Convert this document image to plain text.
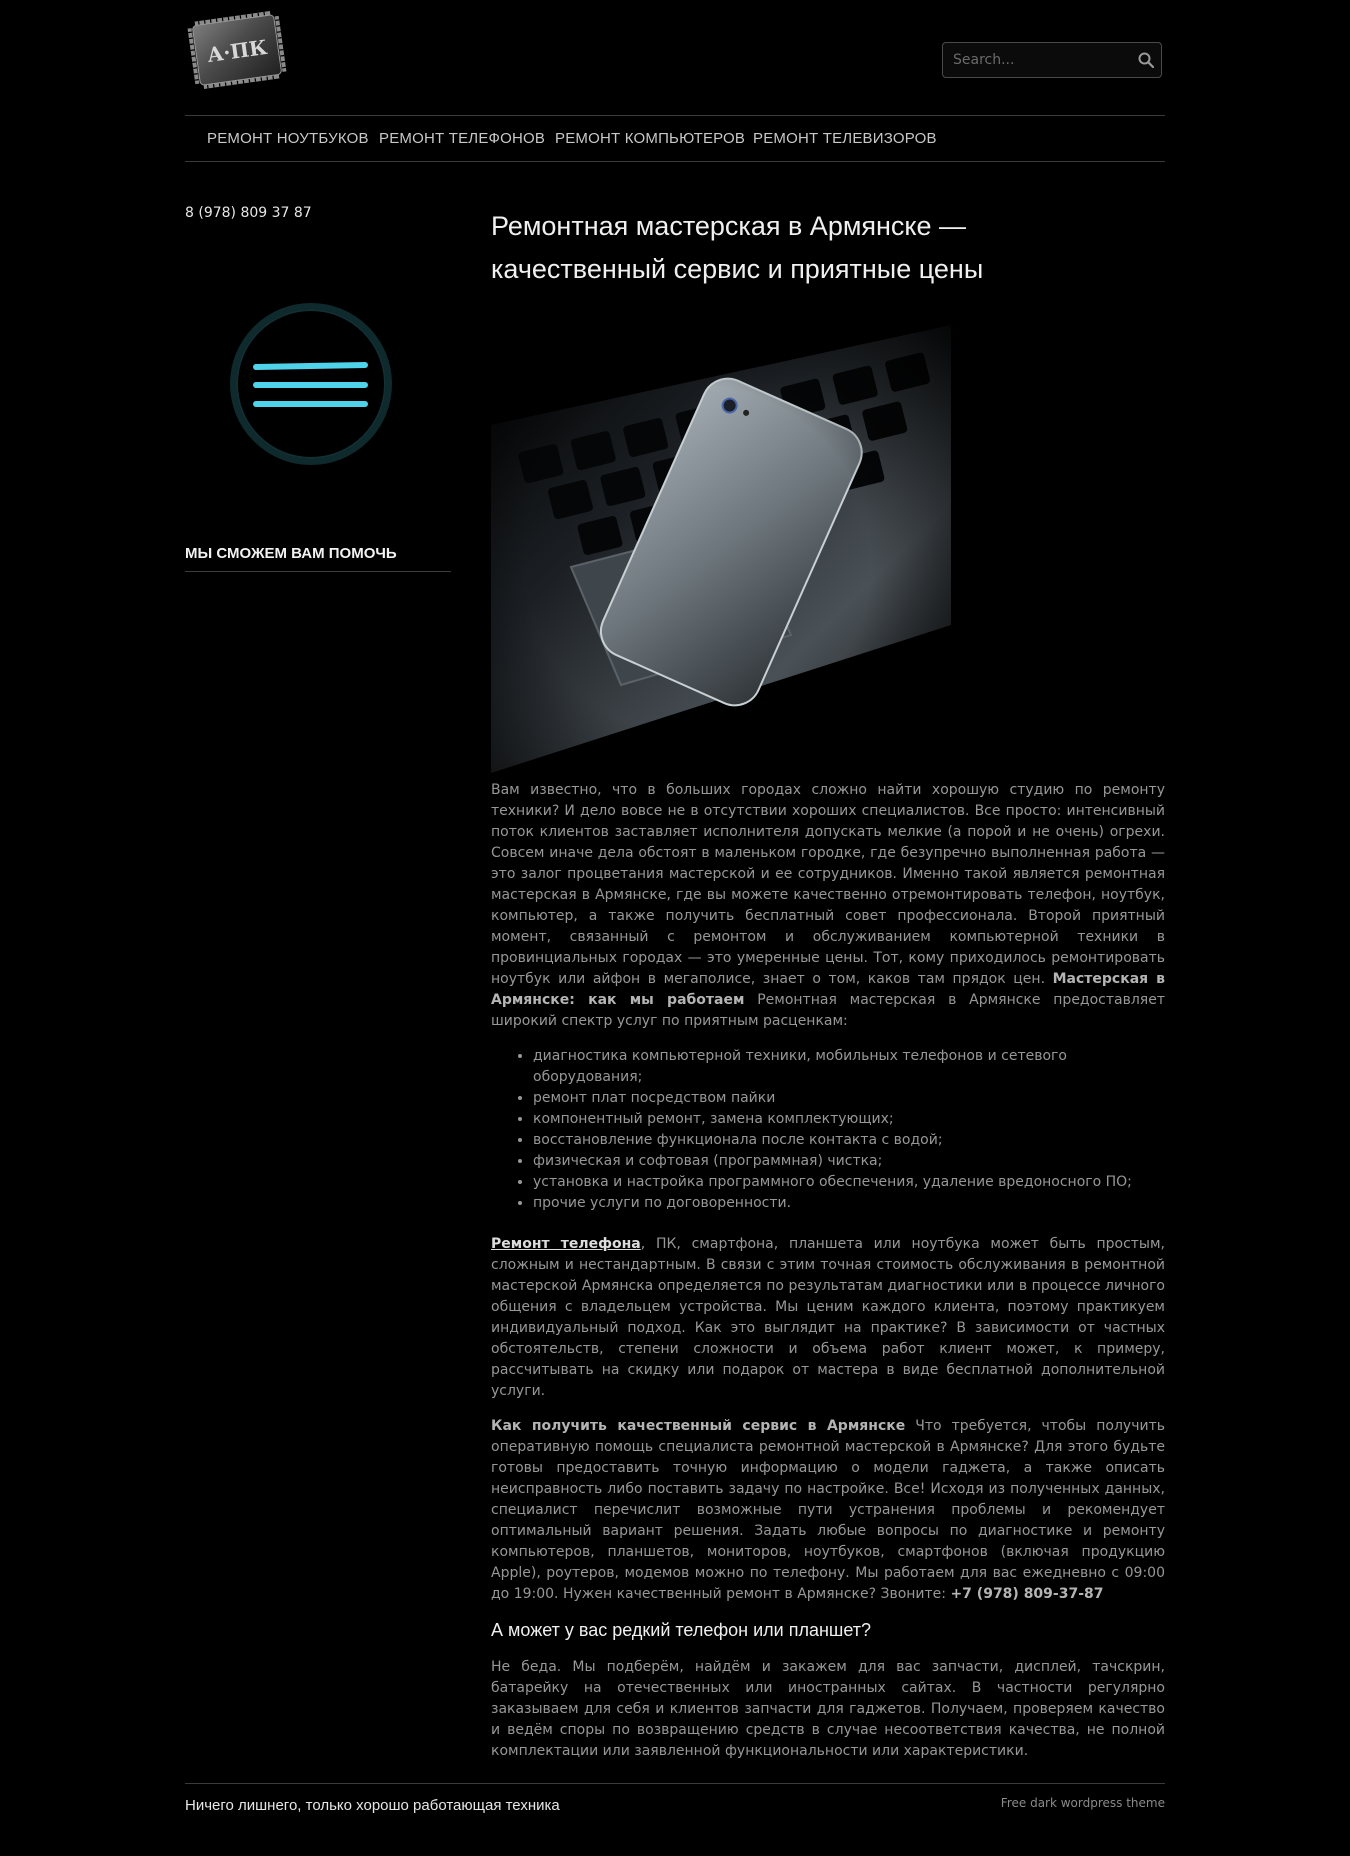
А·ПК
Search...
РЕМОНТ НОУТБУКОВ РЕМОНТ ТЕЛЕФОНОВ РЕМОНТ КОМПЬЮТЕРОВ РЕМОНТ ТЕЛЕВИЗОРОВ
8 (978) 809 37 87
МЫ СМОЖЕМ ВАМ ПОМОЧЬ
Ремонтная мастерская в Армянске —
качественный сервис и приятные цены

Вам известно, что в больших городах сложно найти хорошую студию по ремонту техники? И дело вовсе не в отсутствии хороших специалистов. Все просто: интенсивный поток клиентов заставляет исполнителя допускать мелкие (а порой и не очень) огрехи. Совсем иначе дела обстоят в маленьком городке, где безупречно выполненная работа — это залог процветания мастерской и ее сотрудников. Именно такой является ремонтная мастерская в Армянске, где вы можете качественно отремонтировать телефон, ноутбук, компьютер, а также получить бесплатный совет профессионала. Второй приятный момент, связанный с ремонтом и обслуживанием компьютерной техники в провинциальных городах — это умеренные цены. Тот, кому приходилось ремонтировать ноутбук или айфон в мегаполисе, знает о том, каков там прядок цен. Мастерская в Армянске: как мы работаем Ремонтная мастерская в Армянске предоставляет широкий спектр услуг по приятным расценкам:

• диагностика компьютерной техники, мобильных телефонов и сетевого оборудования;
• ремонт плат посредством пайки
• компонентный ремонт, замена комплектующих;
• восстановление функционала после контакта с водой;
• физическая и софтовая (программная) чистка;
• установка и настройка программного обеспечения, удаление вредоносного ПО;
• прочие услуги по договоренности.

Ремонт телефона, ПК, смартфона, планшета или ноутбука может быть простым, сложным и нестандартным. В связи с этим точная стоимость обслуживания в ремонтной мастерской Армянска определяется по результатам диагностики или в процессе личного общения с владельцем устройства. Мы ценим каждого клиента, поэтому практикуем индивидуальный подход. Как это выглядит на практике? В зависимости от частных обстоятельств, степени сложности и объема работ клиент может, к примеру, рассчитывать на скидку или подарок от мастера в виде бесплатной дополнительной услуги.

Как получить качественный сервис в Армянске Что требуется, чтобы получить оперативную помощь специалиста ремонтной мастерской в Армянске? Для этого будьте готовы предоставить точную информацию о модели гаджета, а также описать неисправность либо поставить задачу по настройке. Все! Исходя из полученных данных, специалист перечислит возможные пути устранения проблемы и рекомендует оптимальный вариант решения. Задать любые вопросы по диагностике и ремонту компьютеров, планшетов, мониторов, ноутбуков, смартфонов (включая продукцию Apple), роутеров, модемов можно по телефону. Мы работаем для вас ежедневно с 09:00 до 19:00. Нужен качественный ремонт в Армянске? Звоните: +7 (978) 809-37-87

А может у вас редкий телефон или планшет?

Не беда. Мы подберём, найдём и закажем для вас запчасти, дисплей, тачскрин, батарейку на отечественных или иностранных сайтах. В частности регулярно заказываем для себя и клиентов запчасти для гаджетов. Получаем, проверяем качество и ведём споры по возвращению средств в случае несоответствия качества, не полной комплектации или заявленной функциональности или характеристики.

Ничего лишнего, только хорошо работающая техника	Free dark wordpress theme
